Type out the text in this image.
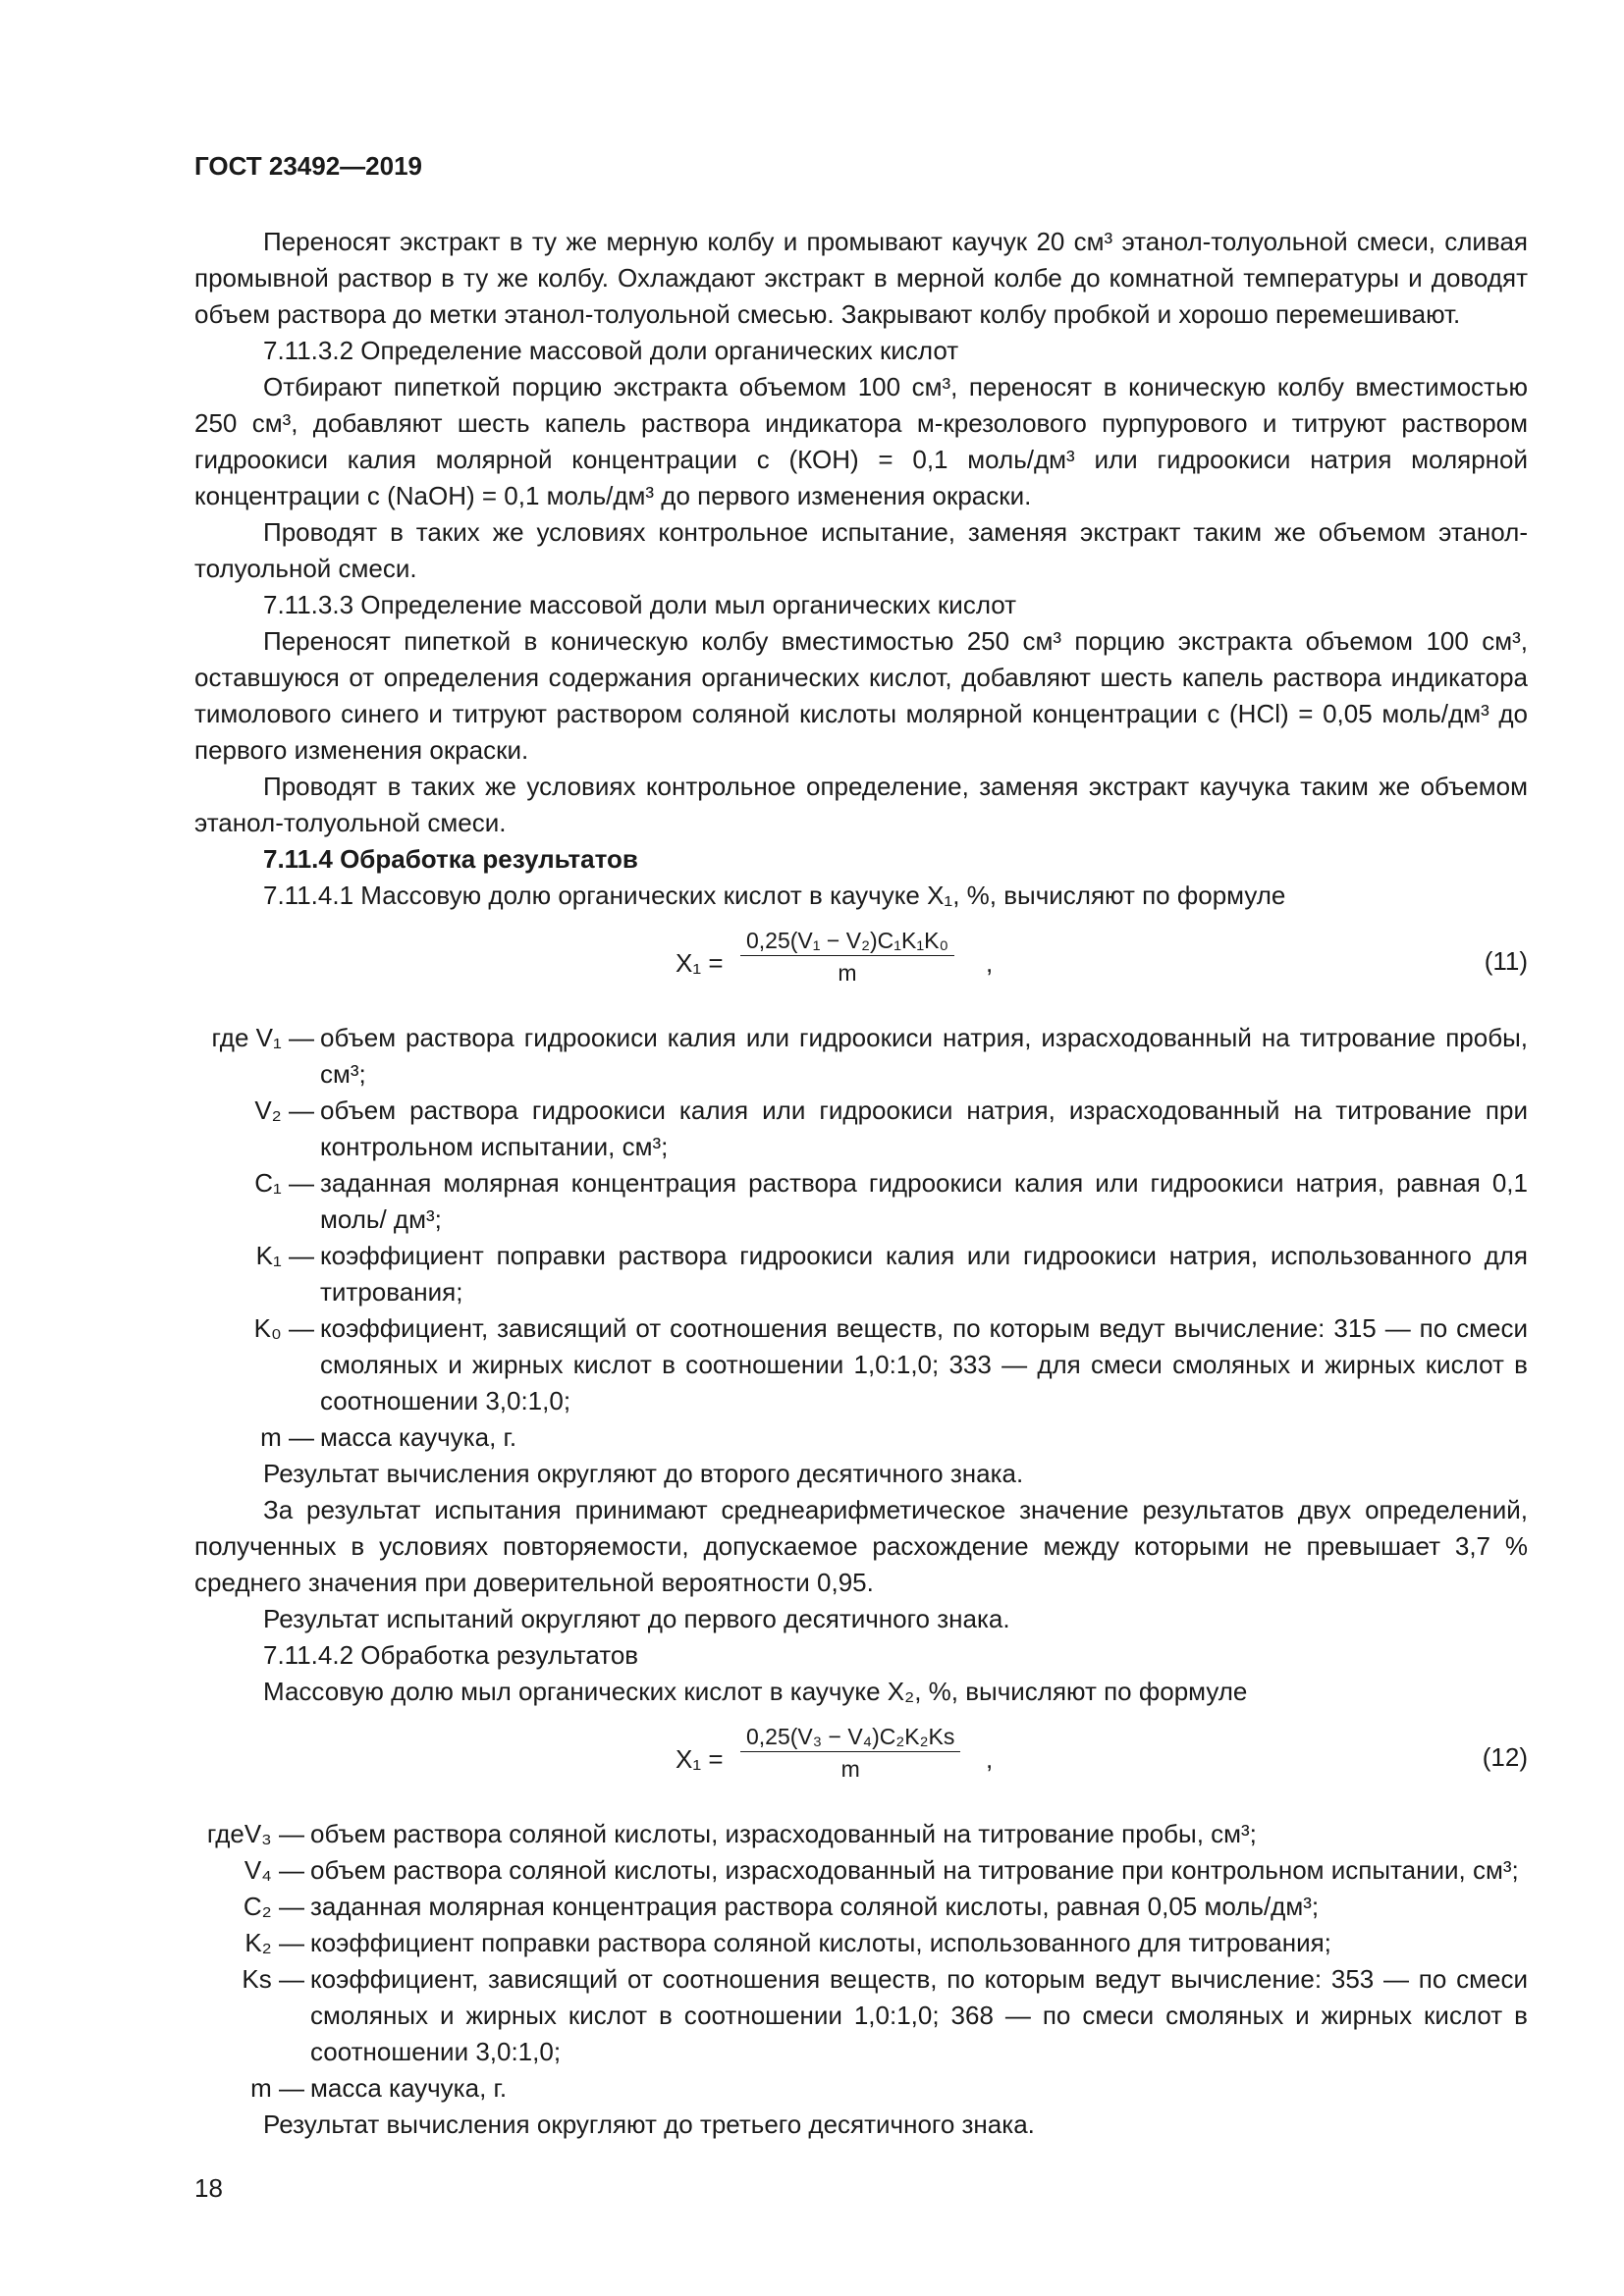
ГОСТ 23492—2019

Переносят экстракт в ту же мерную колбу и промывают каучук 20 см³ этанол-толуольной смеси, сливая промывной раствор в ту же колбу. Охлаждают экстракт в мерной колбе до комнатной температуры и доводят объем раствора до метки этанол-толуольной смесью. Закрывают колбу пробкой и хорошо перемешивают.

7.11.3.2 Определение массовой доли органических кислот

Отбирают пипеткой порцию экстракта объемом 100 см³, переносят в коническую колбу вместимостью 250 см³, добавляют шесть капель раствора индикатора м-крезолового пурпурового и титруют раствором гидроокиси калия молярной концентрации с (КОН) = 0,1 моль/дм³ или гидроокиси натрия молярной концентрации с (NaOH) = 0,1 моль/дм³ до первого изменения окраски.

Проводят в таких же условиях контрольное испытание, заменяя экстракт таким же объемом этанол-толуольной смеси.

7.11.3.3 Определение массовой доли мыл органических кислот

Переносят пипеткой в коническую колбу вместимостью 250 см³ порцию экстракта объемом 100 см³, оставшуюся от определения содержания органических кислот, добавляют шесть капель раствора индикатора тимолового синего и титруют раствором соляной кислоты молярной концентрации с (HCl) = 0,05 моль/дм³ до первого изменения окраски.

Проводят в таких же условиях контрольное определение, заменяя экстракт каучука таким же объемом этанол-толуольной смеси.

7.11.4 Обработка результатов

7.11.4.1 Массовую долю органических кислот в каучуке X₁, %, вычисляют по формуле

$X_1 = \frac{\text{0,25(V₁ − V₂)C₁K₁K₀}}{m}$ ,	(11)
где V₁ — объем раствора гидроокиси калия или гидроокиси натрия, израсходованный на титрование пробы, см³;
V₂ — объем раствора гидроокиси калия или гидроокиси натрия, израсходованный на титрование при контрольном испытании, см³;
C₁ — заданная молярная концентрация раствора гидроокиси калия или гидроокиси натрия, равная 0,1 моль/ дм³;
K₁ — коэффициент поправки раствора гидроокиси калия или гидроокиси натрия, использованного для титрования;
K₀ — коэффициент, зависящий от соотношения веществ, по которым ведут вычисление: 315 — по смеси смоляных и жирных кислот в соотношении 1,0:1,0; 333 — для смеси смоляных и жирных кислот в соотношении 3,0:1,0;
m — масса каучука, г.

Результат вычисления округляют до второго десятичного знака.

За результат испытания принимают среднеарифметическое значение результатов двух определений, полученных в условиях повторяемости, допускаемое расхождение между которыми не превышает 3,7 % среднего значения при доверительной вероятности 0,95.

Результат испытаний округляют до первого десятичного знака.

7.11.4.2 Обработка результатов

Массовую долю мыл органических кислот в каучуке X₂, %, вычисляют по формуле

$X_1 = \frac{\text{0,25(V₃ − V₄)C₂K₂Ks}}{m}$ ,	(12)
гдеV₃ — объем раствора соляной кислоты, израсходованный на титрование пробы, см³;
V₄ — объем раствора соляной кислоты, израсходованный на титрование при контрольном испытании, см³;
C₂ — заданная молярная концентрация раствора соляной кислоты, равная 0,05 моль/дм³;
K₂ — коэффициент поправки раствора соляной кислоты, использованного для титрования;
Ks — коэффициент, зависящий от соотношения веществ, по которым ведут вычисление: 353 — по смеси смоляных и жирных кислот в соотношении 1,0:1,0; 368 — по смеси смоляных и жирных кислот в соотношении 3,0:1,0;
m — масса каучука, г.

Результат вычисления округляют до третьего десятичного знака.

18
